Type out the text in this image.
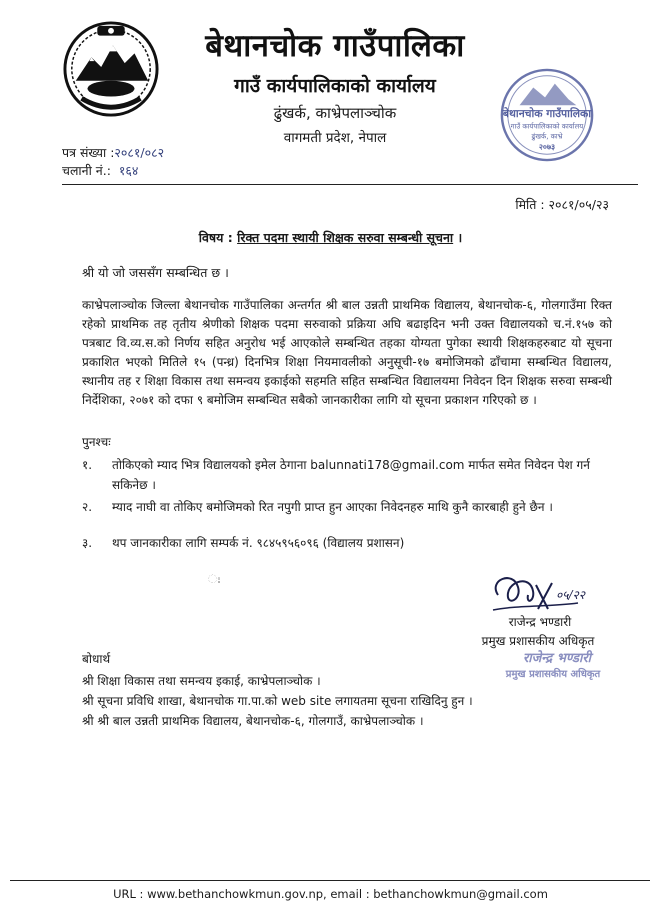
बेथानचोक गाउँपालिका
गाउँ कार्यपालिकाको कार्यालय
ढुंखर्क, काभ्रेपलाञ्चोक
वागमती प्रदेश, नेपाल
बेथानचोक गाउँपालिका
गाउँ कार्यपालिकाको कार्यालय
ढुंखर्क, काभ्रे
२०७३
पत्र संख्या :२०८१/०८२
चलानी नं.: १६४
मिति : २०८१/०५/२३
विषय : रिक्त पदमा स्थायी शिक्षक सरुवा सम्बन्धी सूचना ।
श्री यो जो जससँग सम्बन्धित छ ।
काभ्रेपलाञ्चोक जिल्ला बेथानचोक गाउँपालिका अन्तर्गत श्री बाल उन्नती प्राथमिक विद्यालय, बेथानचोक-६, गोलगाउँमा रिक्त रहेको प्राथमिक तह तृतीय श्रेणीको शिक्षक पदमा सरुवाको प्रक्रिया अघि बढाइदिन भनी उक्त विद्यालयको च.नं.१५७ को पत्रबाट वि.व्य.स.को निर्णय सहित अनुरोध भई आएकोले सम्बन्धित तहका योग्यता पुगेका स्थायी शिक्षकहरुबाट यो सूचना प्रकाशित भएको मितिले १५ (पन्ध्र) दिनभित्र शिक्षा नियमावलीको अनुसूची-१७ बमोजिमको ढाँचामा सम्बन्धित विद्यालय, स्थानीय तह र शिक्षा विकास तथा समन्वय इकाईको सहमति सहित सम्बन्धित विद्यालयमा निवेदन दिन शिक्षक सरुवा सम्बन्धी निर्देशिका, २०७१ को दफा ९ बमोजिम सम्बन्धित सबैको जानकारीका लागि यो सूचना प्रकाशन गरिएको छ ।
पुनश्चः
१.	तोकिएको म्याद भित्र विद्यालयको इमेल ठेगाना balunnati178@gmail.com मार्फत समेत निवेदन पेश गर्न सकिनेछ ।
२.	म्याद नाघी वा तोकिए बमोजिमको रित नपुगी प्राप्त हुन आएका निवेदनहरु माथि कुनै कारबाही हुने छैन ।
३.	थप जानकारीका लागि सम्पर्क नं. ९८४५९५६०९६ (विद्यालय प्रशासन)
ಃ
०५/२२
राजेन्द्र भण्डारी
प्रमुख प्रशासकीय अधिकृत
राजेन्द्र भण्डारी
प्रमुख प्रशासकीय अधिकृत
बोधार्थ
श्री शिक्षा विकास तथा समन्वय इकाई, काभ्रेपलाञ्चोक ।
श्री सूचना प्रविधि शाखा, बेथानचोक गा.पा.को web site लगायतमा सूचना राखिदिनु हुन ।
श्री श्री बाल उन्नती प्राथमिक विद्यालय, बेथानचोक-६, गोलगाउँ, काभ्रेपलाञ्चोक ।
URL : www.bethanchowkmun.gov.np, email : bethanchowkmun@gmail.com
